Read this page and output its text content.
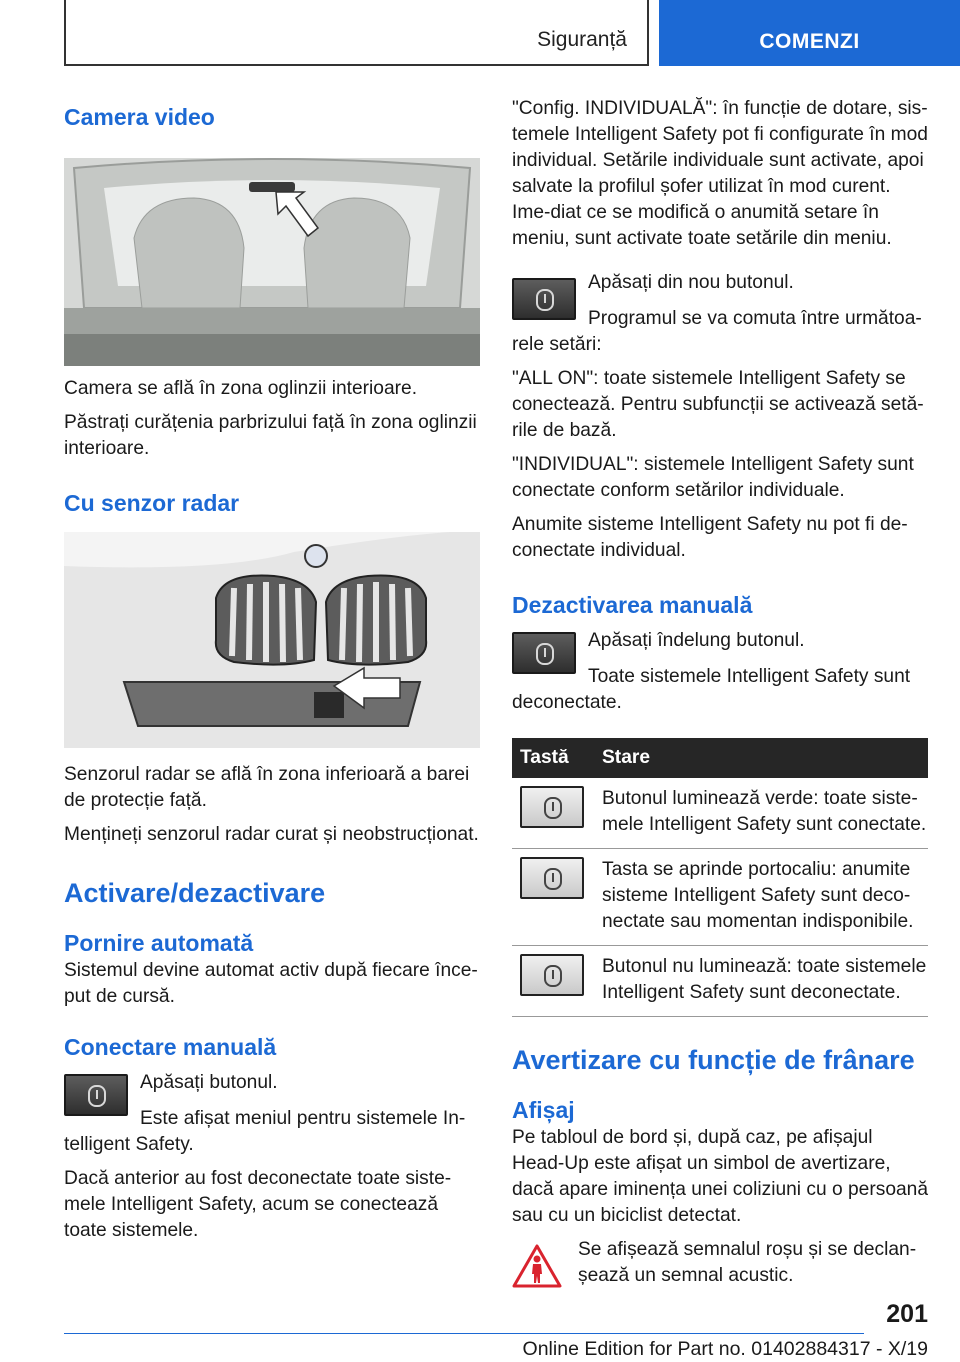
Siguranță	COMENZI
Camera video
Camera se află în zona oglinzii interioare.
Păstrați curățenia parbrizului față în zona oglinzii interioare.
Cu senzor radar
Senzorul radar se află în zona inferioară a barei de protecție față.
Mențineți senzorul radar curat și neobstrucționat.
Activare/dezactivare
Pornire automată
Sistemul devine automat activ după fiecare înce-put de cursă.
Conectare manuală
Apăsați butonul.
Este afișat meniul pentru sistemele In-telligent Safety.
Dacă anterior au fost deconectate toate siste-mele Intelligent Safety, acum se conectează toate sistemele.
"Config. INDIVIDUALĂ": în funcție de dotare, sis-temele Intelligent Safety pot fi configurate în mod individual. Setările individuale sunt activate, apoi salvate la profilul șofer utilizat în mod curent. Ime-diat ce se modifică o anumită setare în meniu, sunt activate toate setările din meniu.
Apăsați din nou butonul.
Programul se va comuta între următoa-rele setări:
"ALL ON": toate sistemele Intelligent Safety se conectează. Pentru subfuncții se activează setă-rile de bază.
"INDIVIDUAL": sistemele Intelligent Safety sunt conectate conform setărilor individuale.
Anumite sisteme Intelligent Safety nu pot fi de-conectate individual.
Dezactivarea manuală
Apăsați îndelung butonul.
Toate sistemele Intelligent Safety sunt deconectate.
Tastă	Stare

	Butonul luminează verde: toate siste-mele Intelligent Safety sunt conectate.

	Tasta se aprinde portocaliu: anumite sisteme Intelligent Safety sunt deco-nectate sau momentan indisponibile.

	Butonul nu luminează: toate sistemele Intelligent Safety sunt deconectate.
Avertizare cu funcție de frânare
Afișaj
Pe tabloul de bord și, după caz, pe afișajul Head-Up este afișat un simbol de avertizare, dacă apare iminența unei coliziuni cu o persoană sau cu un biciclist detectat.
Se afișează semnalul roșu și se declan-șează un semnal acustic.
201
Online Edition for Part no. 01402884317 - X/19
